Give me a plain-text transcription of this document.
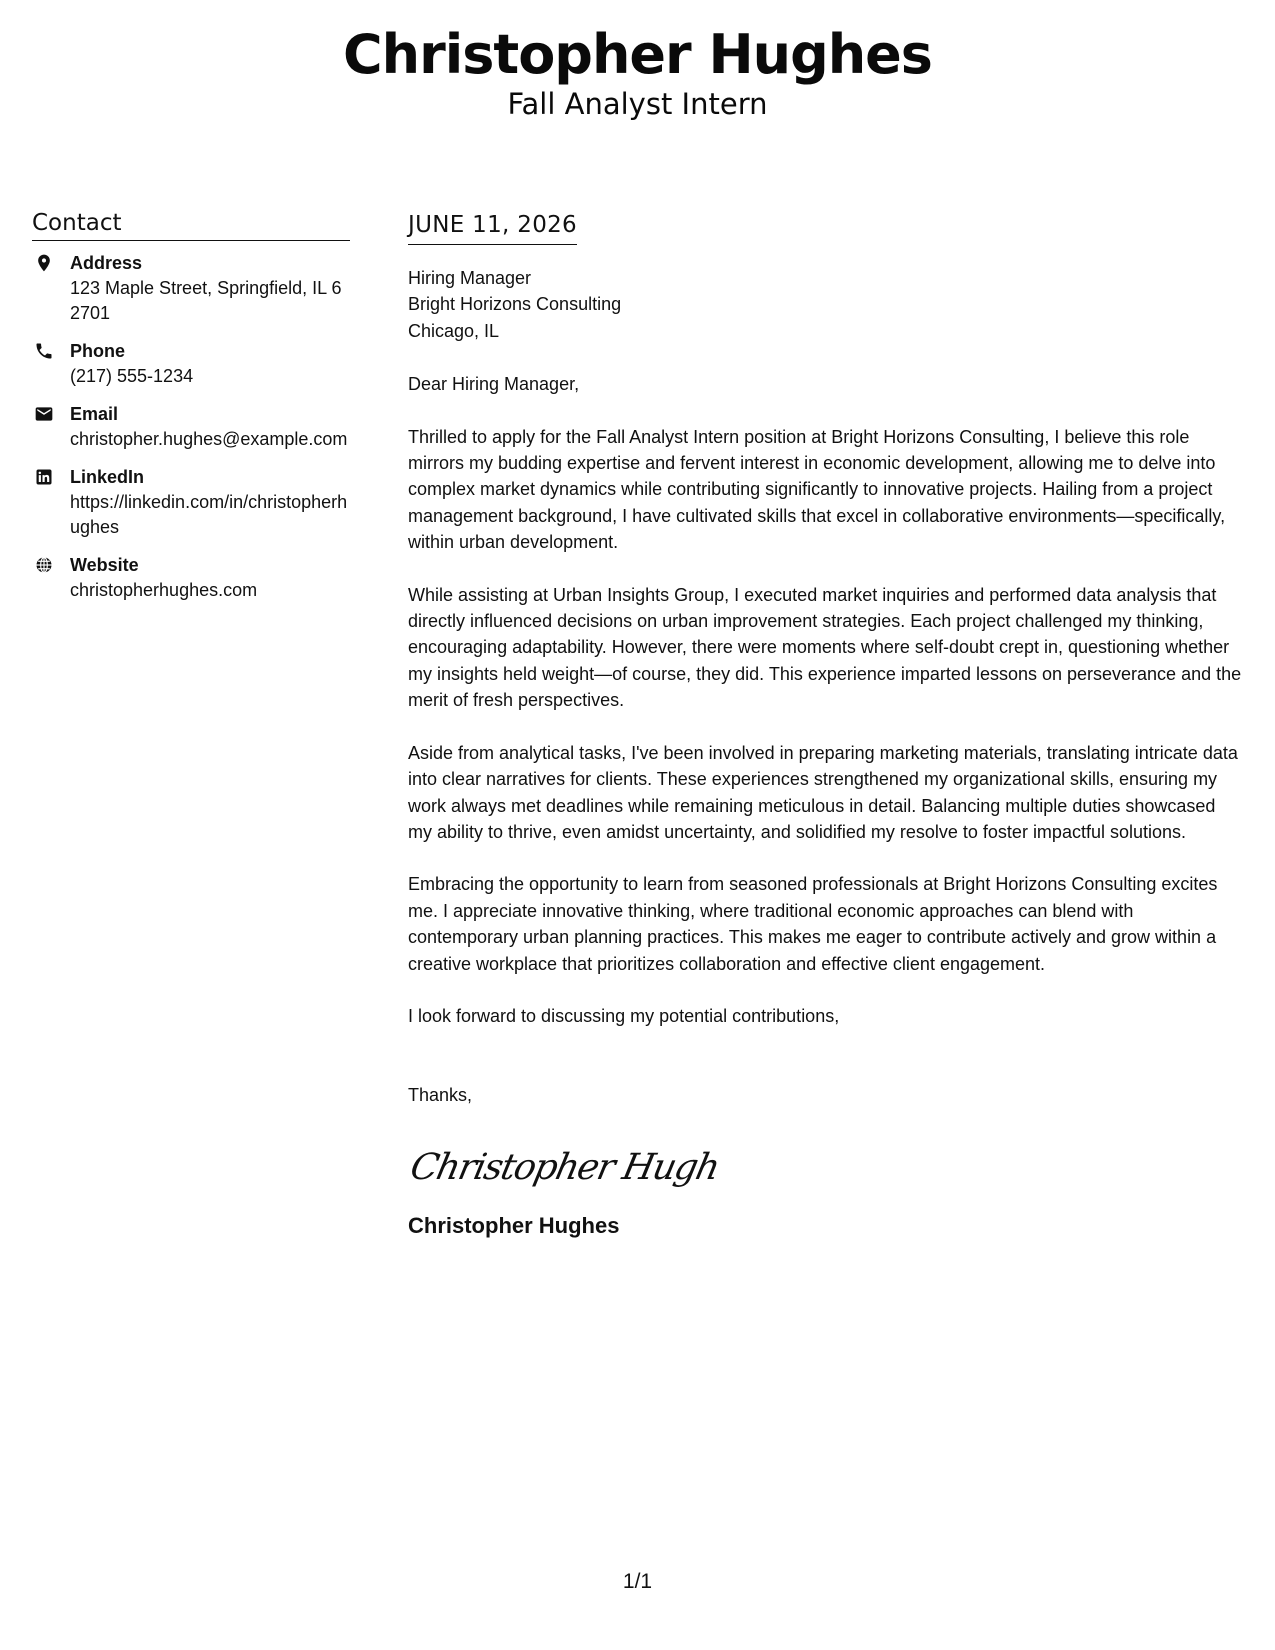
Christopher Hughes
Fall Analyst Intern
Contact
Address
123 Maple Street, Springfield, IL 62701
Phone
(217) 555-1234
Email
christopher.hughes@example.com
LinkedIn
https://linkedin.com/in/christopherhughes
Website
christopherhughes.com
JUNE 11, 2026
Hiring Manager
Bright Horizons Consulting
Chicago, IL

Dear Hiring Manager,

Thrilled to apply for the Fall Analyst Intern position at Bright Horizons Consulting, I believe this role mirrors my budding expertise and fervent interest in economic development, allowing me to delve into complex market dynamics while contributing significantly to innovative projects. Hailing from a project management background, I have cultivated skills that excel in collaborative environments—specifically, within urban development.

While assisting at Urban Insights Group, I executed market inquiries and performed data analysis that directly influenced decisions on urban improvement strategies. Each project challenged my thinking, encouraging adaptability. However, there were moments where self-doubt crept in, questioning whether my insights held weight—of course, they did. This experience imparted lessons on perseverance and the merit of fresh perspectives.

Aside from analytical tasks, I've been involved in preparing marketing materials, translating intricate data into clear narratives for clients. These experiences strengthened my organizational skills, ensuring my work always met deadlines while remaining meticulous in detail. Balancing multiple duties showcased my ability to thrive, even amidst uncertainty, and solidified my resolve to foster impactful solutions.

Embracing the opportunity to learn from seasoned professionals at Bright Horizons Consulting excites me. I appreciate innovative thinking, where traditional economic approaches can blend with contemporary urban planning practices. This makes me eager to contribute actively and grow within a creative workplace that prioritizes collaboration and effective client engagement.

I look forward to discussing my potential contributions,

Thanks,

Christopher Hugh
Christopher Hughes
1/1
